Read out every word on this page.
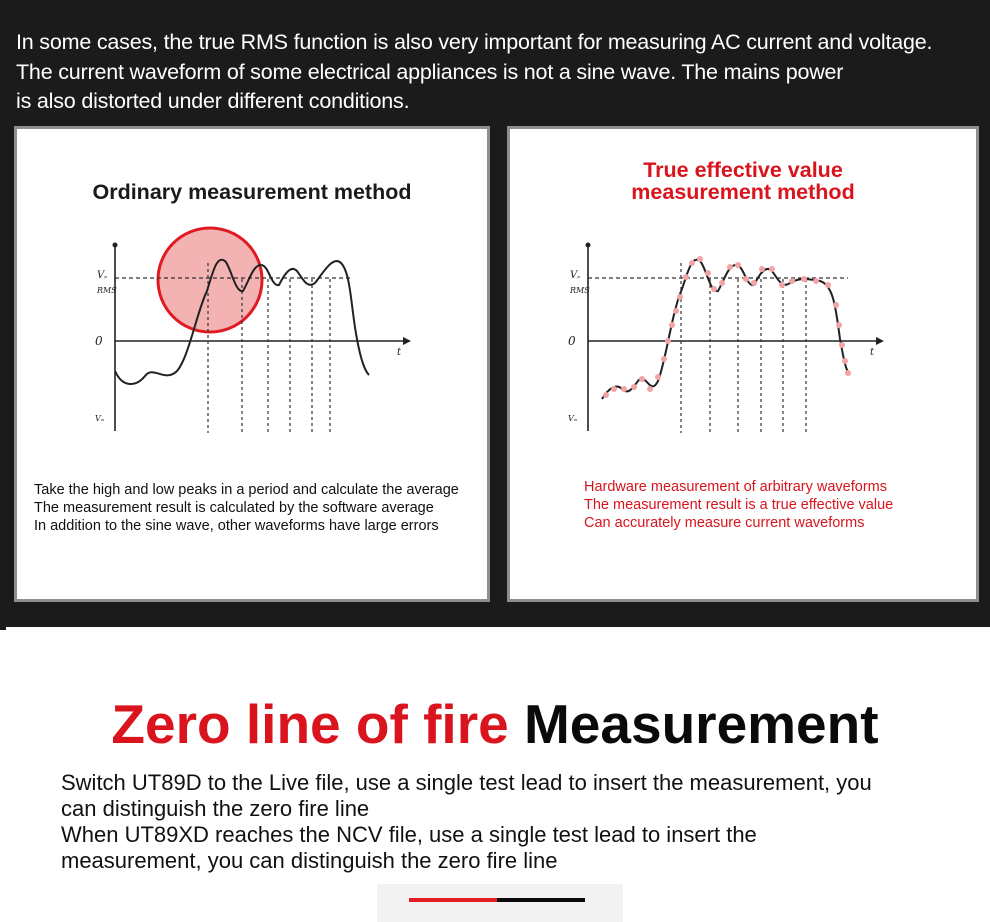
In some cases, the true RMS function is also very important for measuring AC current and voltage.
The current waveform of some electrical appliances is not a sine wave. The mains power
is also distorted under different conditions.
Ordinary measurement method
Vₚ
RMS
0
t
Vₘ
Take the high and low peaks in a period and calculate the average
The measurement result is calculated by the software average
In addition to the sine wave, other waveforms have large errors
True effective value
measurement method
Vₚ
RMS
0
t
Vₘ
Hardware measurement of arbitrary waveforms
The measurement result is a true effective value
Can accurately measure current waveforms
Zero line of fire Measurement
Switch UT89D to the Live file, use a single test lead to insert the measurement, you
can distinguish the zero fire line
When UT89XD reaches the NCV file, use a single test lead to insert the
measurement, you can distinguish the zero fire line
